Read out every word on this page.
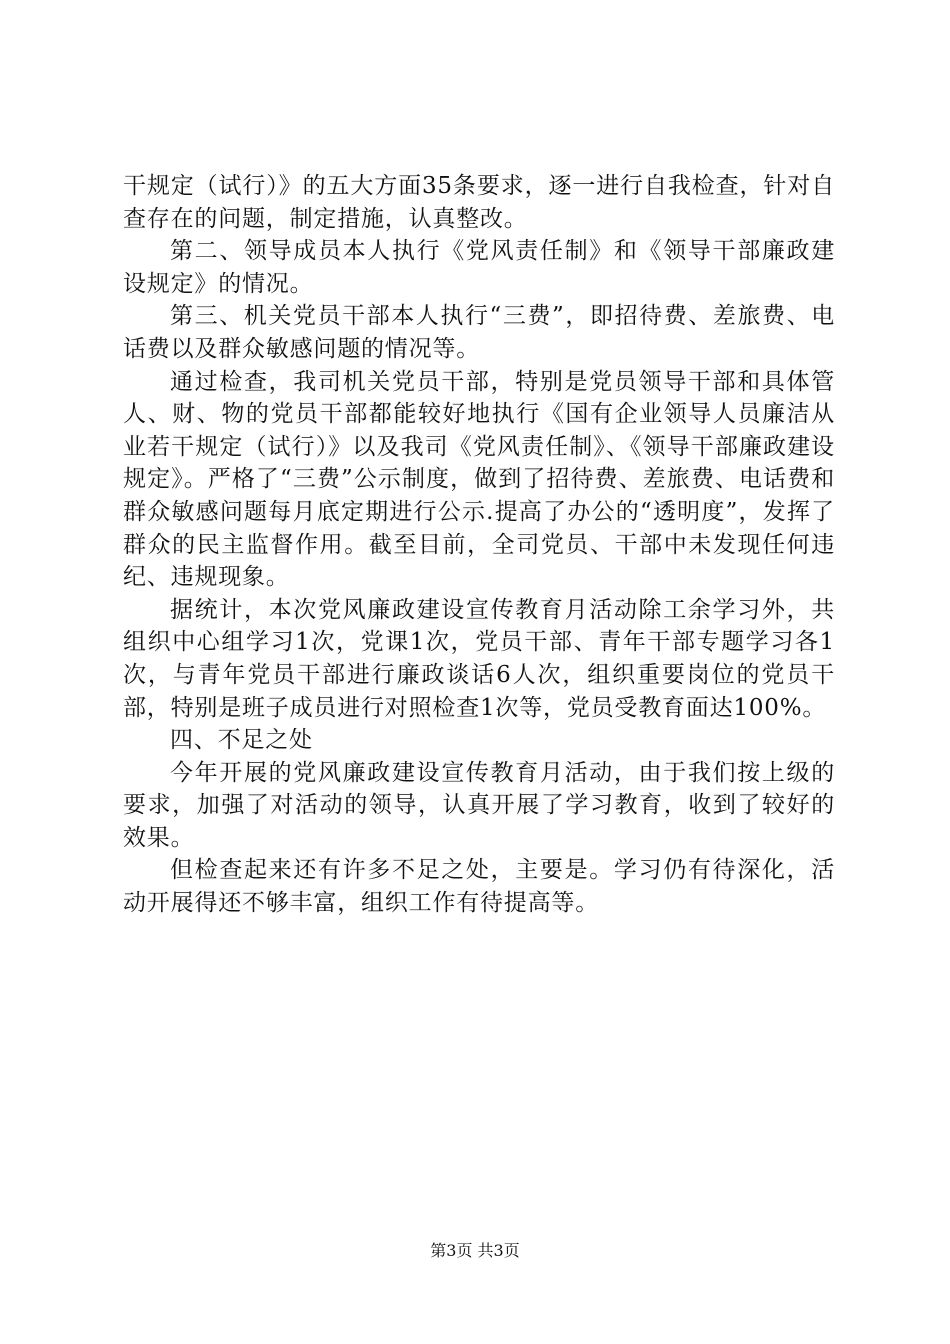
干规定（试行）》的五大方面35条要求，逐一进行自我检查，针对自查存在的问题，制定措施，认真整改。

第二、领导成员本人执行《党风责任制》和《领导干部廉政建设规定》的情况。

第三、机关党员干部本人执行“三费”，即招待费、差旅费、电话费以及群众敏感问题的情况等。

通过检查，我司机关党员干部，特别是党员领导干部和具体管人、财、物的党员干部都能较好地执行《国有企业领导人员廉洁从业若干规定（试行）》以及我司《党风责任制》、《领导干部廉政建设规定》。严格了“三费”公示制度，做到了招待费、差旅费、电话费和群众敏感问题每月底定期进行公示.提高了办公的“透明度”，发挥了群众的民主监督作用。截至目前，全司党员、干部中未发现任何违纪、违规现象。

据统计，本次党风廉政建设宣传教育月活动除工余学习外，共组织中心组学习1次，党课1次，党员干部、青年干部专题学习各1次，与青年党员干部进行廉政谈话6人次，组织重要岗位的党员干部，特别是班子成员进行对照检查1次等，党员受教育面达100%。

四、不足之处

今年开展的党风廉政建设宣传教育月活动，由于我们按上级的要求，加强了对活动的领导，认真开展了学习教育，收到了较好的效果。

但检查起来还有许多不足之处，主要是。学习仍有待深化，活动开展得还不够丰富，组织工作有待提高等。

第3页 共3页
